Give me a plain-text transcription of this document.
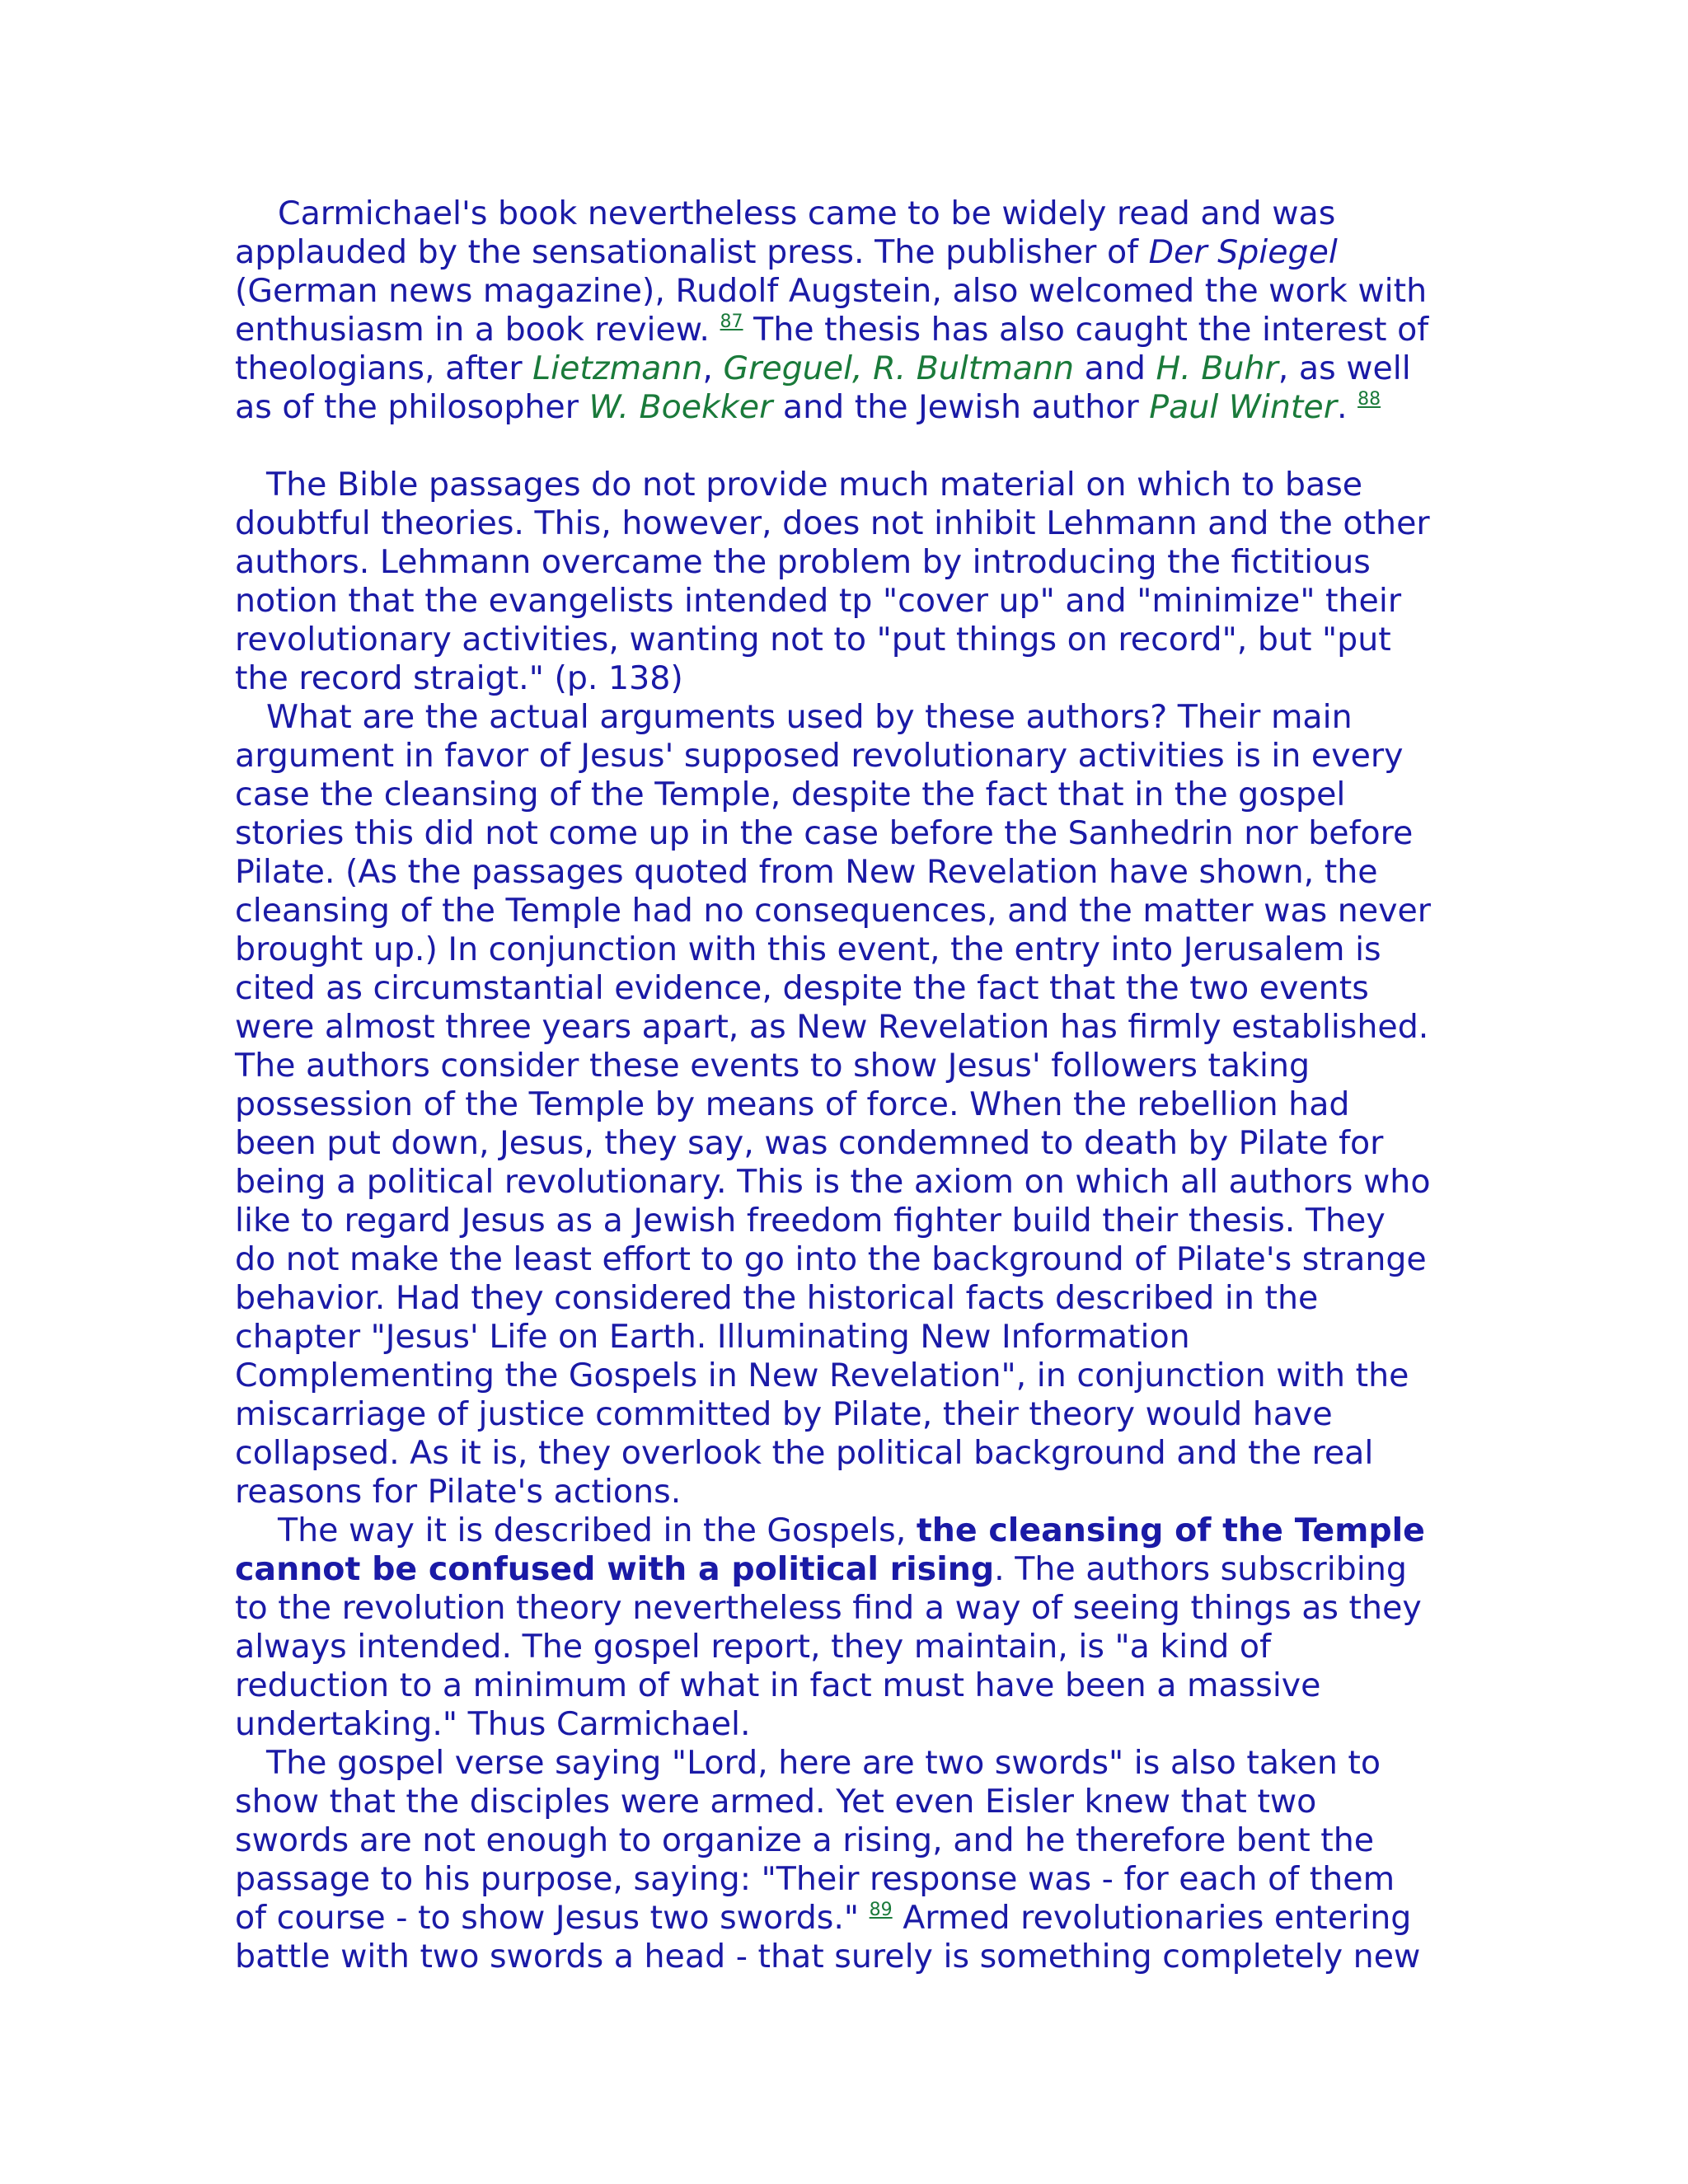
Carmichael's book nevertheless came to be widely read and was
applauded by the sensationalist press. The publisher of Der Spiegel
(German news magazine), Rudolf Augstein, also welcomed the work with
enthusiasm in a book review. $^{87}$ The thesis has also caught the interest of
theologians, after Lietzmann, Greguel, R. Bultmann and H. Buhr, as well
as of the philosopher W. Boekker and the Jewish author Paul Winter. $^{88}$
The Bible passages do not provide much material on which to base
doubtful theories. This, however, does not inhibit Lehmann and the other
authors. Lehmann overcame the problem by introducing the fictitious
notion that the evangelists intended tp "cover up" and "minimize" their
revolutionary activities, wanting not to "put things on record", but "put
the record straigt." (p. 138)
What are the actual arguments used by these authors? Their main
argument in favor of Jesus' supposed revolutionary activities is in every
case the cleansing of the Temple, despite the fact that in the gospel
stories this did not come up in the case before the Sanhedrin nor before
Pilate. (As the passages quoted from New Revelation have shown, the
cleansing of the Temple had no consequences, and the matter was never
brought up.) In conjunction with this event, the entry into Jerusalem is
cited as circumstantial evidence, despite the fact that the two events
were almost three years apart, as New Revelation has firmly established.
The authors consider these events to show Jesus' followers taking
possession of the Temple by means of force. When the rebellion had
been put down, Jesus, they say, was condemned to death by Pilate for
being a political revolutionary. This is the axiom on which all authors who
like to regard Jesus as a Jewish freedom fighter build their thesis. They
do not make the least effort to go into the background of Pilate's strange
behavior. Had they considered the historical facts described in the
chapter "Jesus' Life on Earth. Illuminating New Information
Complementing the Gospels in New Revelation", in conjunction with the
miscarriage of justice committed by Pilate, their theory would have
collapsed. As it is, they overlook the political background and the real
reasons for Pilate's actions.
The way it is described in the Gospels, the cleansing of the Temple
cannot be confused with a political rising. The authors subscribing
to the revolution theory nevertheless find a way of seeing things as they
always intended. The gospel report, they maintain, is "a kind of
reduction to a minimum of what in fact must have been a massive
undertaking." Thus Carmichael.
The gospel verse saying "Lord, here are two swords" is also taken to
show that the disciples were armed. Yet even Eisler knew that two
swords are not enough to organize a rising, and he therefore bent the
passage to his purpose, saying: "Their response was - for each of them
of course - to show Jesus two swords." $^{89}$ Armed revolutionaries entering
battle with two swords a head - that surely is something completely new
